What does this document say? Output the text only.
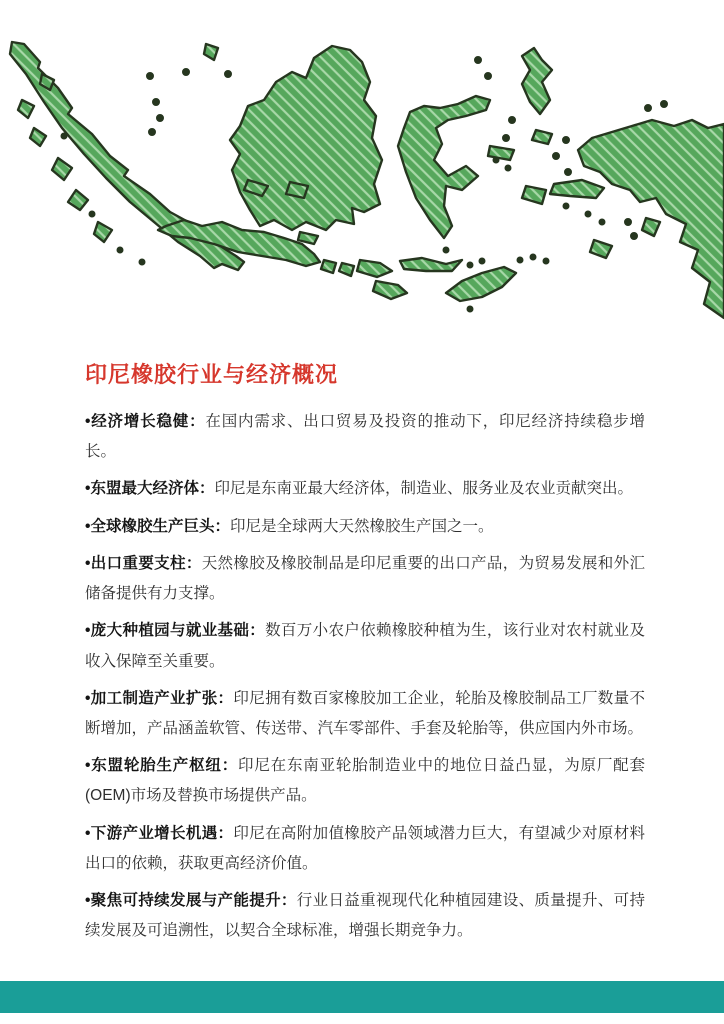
印尼橡胶行业与经济概况
• 经济增长稳健：在国内需求、出口贸易及投资的推动下，印尼经济持续稳步增长。
• 东盟最大经济体：印尼是东南亚最大经济体，制造业、服务业及农业贡献突出。
• 全球橡胶生产巨头：印尼是全球两大天然橡胶生产国之一。
• 出口重要支柱：天然橡胶及橡胶制品是印尼重要的出口产品，为贸易发展和外汇储备提供有力支撑。
• 庞大种植园与就业基础：数百万小农户依赖橡胶种植为生，该行业对农村就业及收入保障至关重要。
• 加工制造产业扩张：印尼拥有数百家橡胶加工企业，轮胎及橡胶制品工厂数量不断增加，产品涵盖软管、传送带、汽车零部件、手套及轮胎等，供应国内外市场。
• 东盟轮胎生产枢纽：印尼在东南亚轮胎制造业中的地位日益凸显，为原厂配套(OEM)市场及替换市场提供产品。
• 下游产业增长机遇：印尼在高附加值橡胶产品领域潜力巨大，有望减少对原材料出口的依赖，获取更高经济价值。
• 聚焦可持续发展与产能提升：行业日益重视现代化种植园建设、质量提升、可持续发展及可追溯性，以契合全球标准，增强长期竞争力。
